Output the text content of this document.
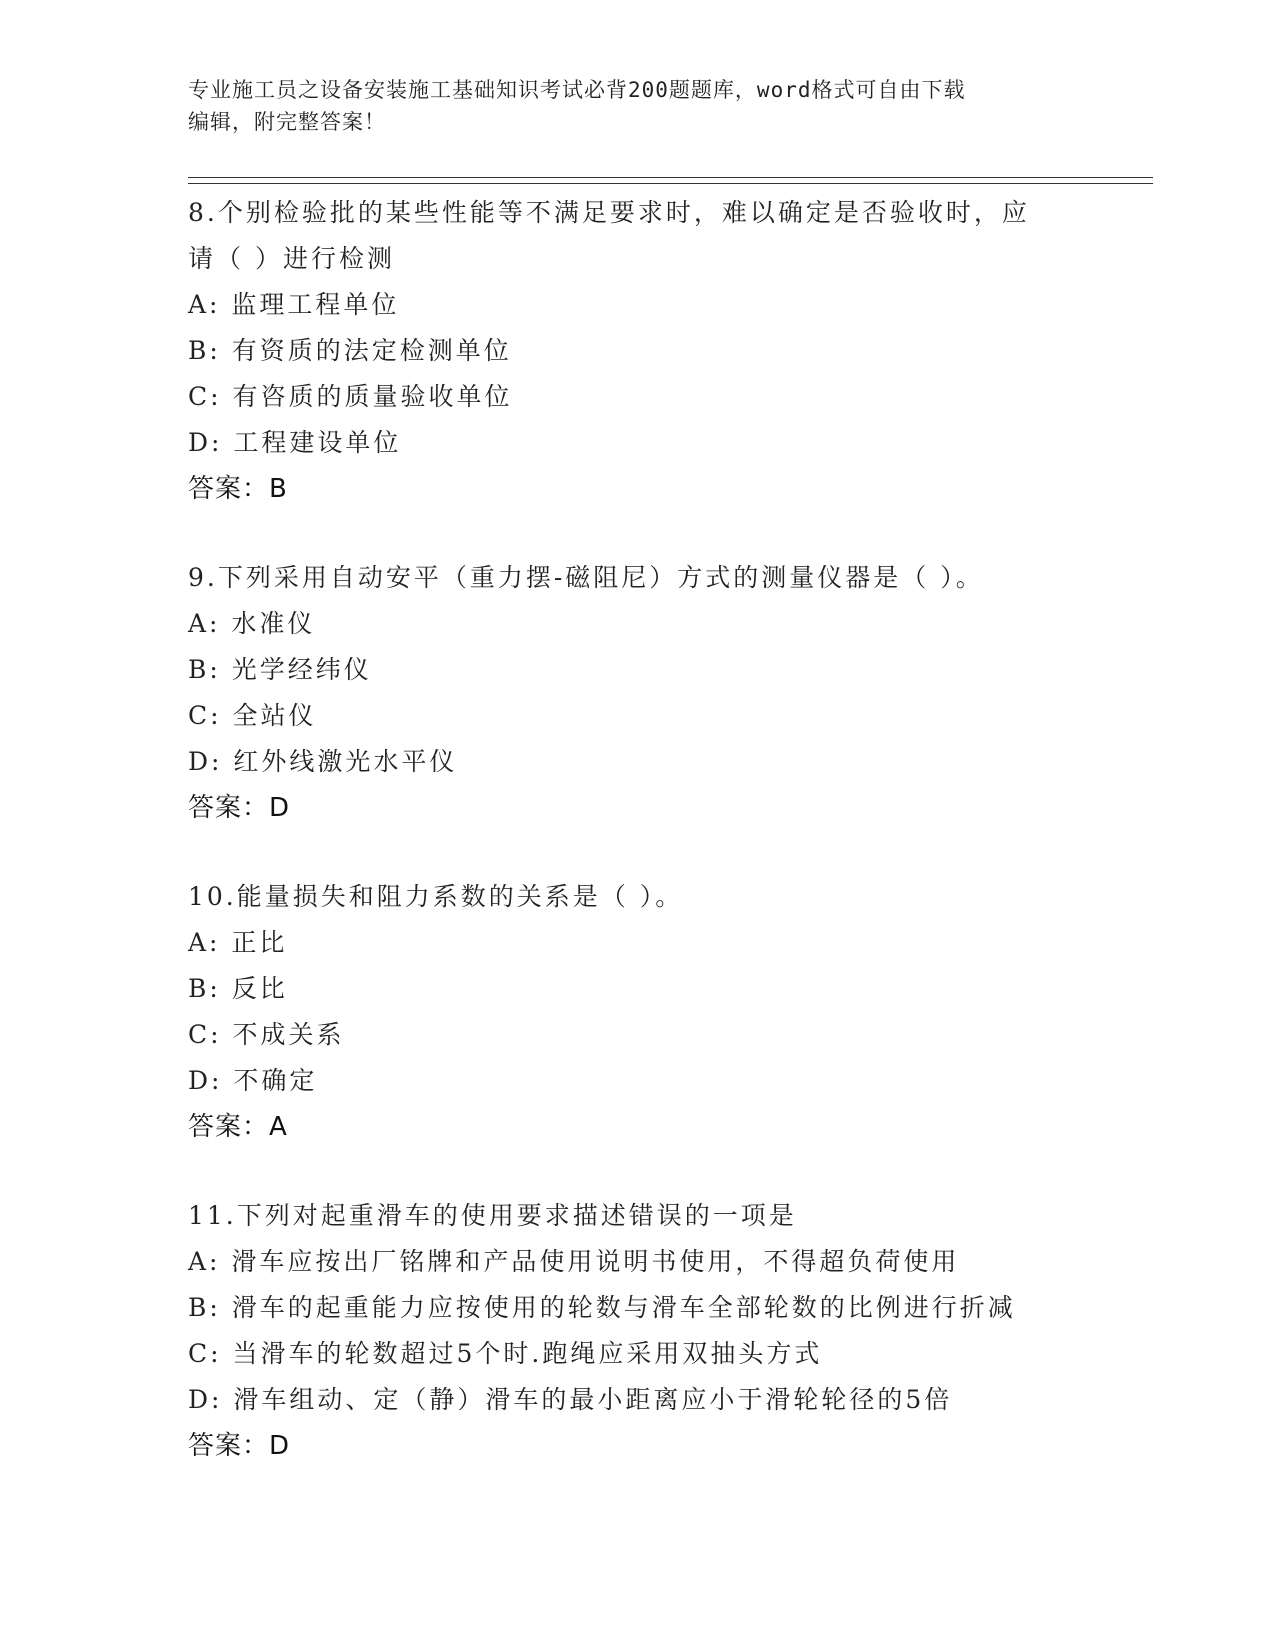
专业施工员之设备安装施工基础知识考试必背200题题库，word格式可自由下载
编辑，附完整答案！
8.个别检验批的某些性能等不满足要求时，难以确定是否验收时，应
请（ ）进行检测
A: 监理工程单位
B: 有资质的法定检测单位
C: 有咨质的质量验收单位
D: 工程建设单位
答案：B
9.下列采用自动安平（重力摆-磁阻尼）方式的测量仪器是（ ）。
A: 水准仪
B: 光学经纬仪
C: 全站仪
D: 红外线激光水平仪
答案：D
10.能量损失和阻力系数的关系是（ ）。
A: 正比
B: 反比
C: 不成关系
D: 不确定
答案：A
11.下列对起重滑车的使用要求描述错误的一项是
A: 滑车应按出厂铭牌和产品使用说明书使用，不得超负荷使用
B: 滑车的起重能力应按使用的轮数与滑车全部轮数的比例进行折减
C: 当滑车的轮数超过5个时.跑绳应采用双抽头方式
D: 滑车组动、定（静）滑车的最小距离应小于滑轮轮径的5倍
答案：D
